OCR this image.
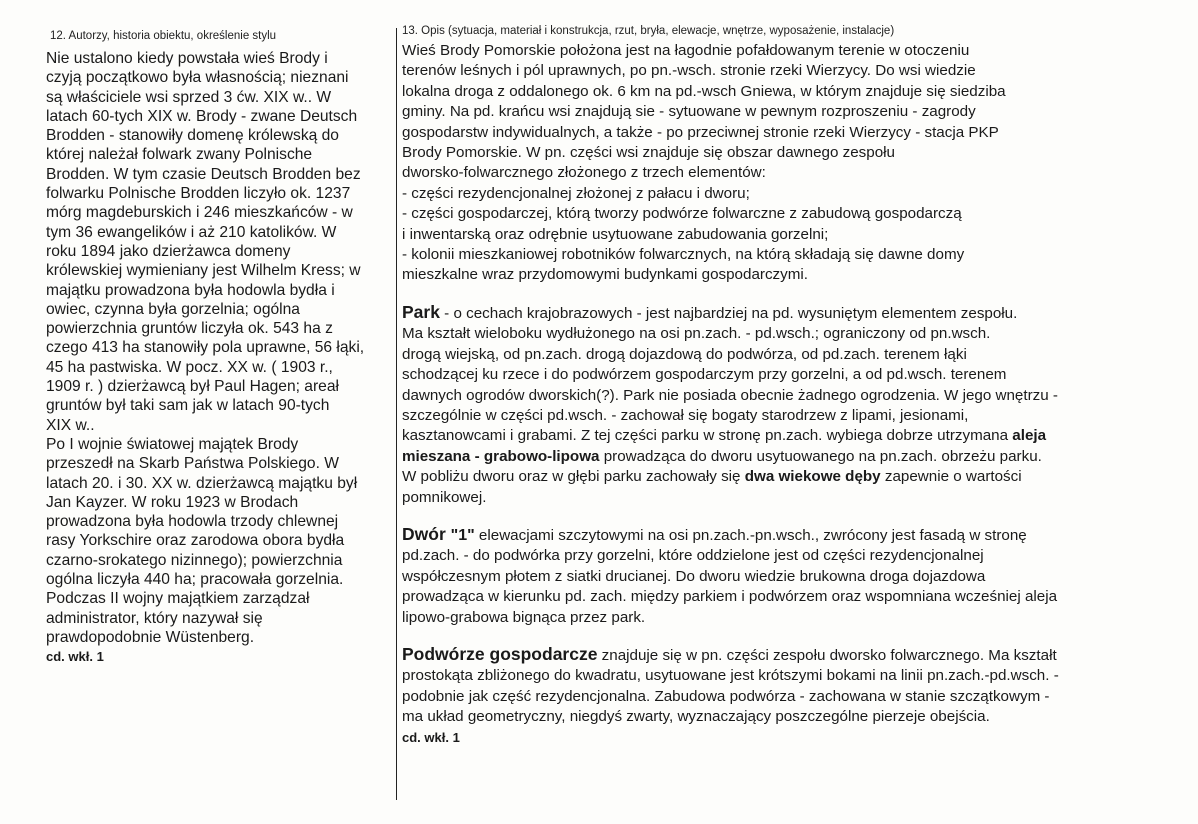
12. Autorzy, historia obiektu, określenie stylu
Nie ustalono kiedy powstała wieś Brody i
czyją początkowo była własnością; nieznani
są właściciele wsi sprzed 3 ćw. XIX w.. W
latach 60-tych XIX w. Brody - zwane Deutsch
Brodden - stanowiły domenę królewską do
której należał folwark zwany Polnische
Brodden. W tym czasie Deutsch Brodden bez
folwarku Polnische Brodden liczyło ok. 1237
mórg magdeburskich i 246 mieszkańców - w
tym 36 ewangelików i aż 210 katolików. W
roku 1894 jako dzierżawca domeny
królewskiej wymieniany jest Wilhelm Kress; w
majątku prowadzona była hodowla bydła i
owiec, czynna była gorzelnia; ogólna
powierzchnia gruntów liczyła ok. 543 ha z
czego 413 ha stanowiły pola uprawne, 56 łąki,
45 ha pastwiska. W pocz. XX w. ( 1903 r.,
1909 r. ) dzierżawcą był Paul Hagen; areał
gruntów był taki sam jak w latach 90-tych
XIX w..
Po I wojnie światowej majątek Brody
przeszedł na Skarb Państwa Polskiego. W
latach 20. i 30. XX w. dzierżawcą majątku był
Jan Kayzer. W roku 1923 w Brodach
prowadzona była hodowla trzody chlewnej
rasy Yorkschire oraz zarodowa obora bydła
czarno-srokatego nizinnego); powierzchnia
ogólna liczyła 440 ha; pracowała gorzelnia.
Podczas II wojny majątkiem zarządzał
administrator, który nazywał się
prawdopodobnie Wüstenberg.
cd. wkł. 1
13. Opis (sytuacja, materiał i konstrukcja, rzut, bryła, elewacje, wnętrze, wyposażenie, instalacje)
Wieś Brody Pomorskie położona jest na łagodnie pofałdowanym terenie w otoczeniu
terenów leśnych i pól uprawnych, po pn.-wsch. stronie rzeki Wierzycy. Do wsi wiedzie
lokalna droga z oddalonego ok. 6 km na pd.-wsch Gniewa, w którym znajduje się siedziba
gminy. Na pd. krańcu wsi znajdują sie - sytuowane w pewnym rozproszeniu - zagrody
gospodarstw indywidualnych, a także - po przeciwnej stronie rzeki Wierzycy - stacja PKP
Brody Pomorskie. W pn. części wsi znajduje się obszar dawnego zespołu
dworsko-folwarcznego złożonego z trzech elementów:
- części rezydencjonalnej złożonej z pałacu i dworu;
- części gospodarczej, którą tworzy podwórze folwarczne z zabudową gospodarczą
i inwentarską oraz odrębnie usytuowane zabudowania gorzelni;
- kolonii mieszkaniowej robotników folwarcznych, na którą składają się dawne domy
mieszkalne wraz przydomowymi budynkami gospodarczymi.
Park - o cechach krajobrazowych - jest najbardziej na pd. wysuniętym elementem zespołu.
Ma kształt wieloboku wydłużonego na osi pn.zach. - pd.wsch.; ograniczony od pn.wsch.
drogą wiejską, od pn.zach. drogą dojazdową do podwórza, od pd.zach. terenem łąki
schodzącej ku rzece i do podwórzem gospodarczym przy gorzelni, a od pd.wsch. terenem
dawnych ogrodów dworskich(?). Park nie posiada obecnie żadnego ogrodzenia. W jego wnętrzu -
szczególnie w części pd.wsch. - zachował się bogaty starodrzew z lipami, jesionami,
kasztanowcami i grabami. Z tej części parku w stronę pn.zach. wybiega dobrze utrzymana aleja
mieszana - grabowo-lipowa prowadząca do dworu usytuowanego na pn.zach. obrzeżu parku.
W pobliżu dworu oraz w głębi parku zachowały się dwa wiekowe dęby zapewnie o wartości
pomnikowej.
Dwór "1" elewacjami szczytowymi na osi pn.zach.-pn.wsch., zwrócony jest fasadą w stronę
pd.zach. - do podwórka przy gorzelni, które oddzielone jest od części rezydencjonalnej
współczesnym płotem z siatki drucianej. Do dworu wiedzie brukowna droga dojazdowa
prowadząca w kierunku pd. zach. między parkiem i podwórzem oraz wspomniana wcześniej aleja
lipowo-grabowa bignąca przez park.
Podwórze gospodarcze znajduje się w pn. części zespołu dworsko folwarcznego. Ma kształt
prostokąta zbliżonego do kwadratu, usytuowane jest krótszymi bokami na linii pn.zach.-pd.wsch. -
podobnie jak część rezydencjonalna. Zabudowa podwórza - zachowana w stanie szczątkowym -
ma układ geometryczny, niegdyś zwarty, wyznaczający poszczególne pierzeje obejścia.
cd. wkł. 1
